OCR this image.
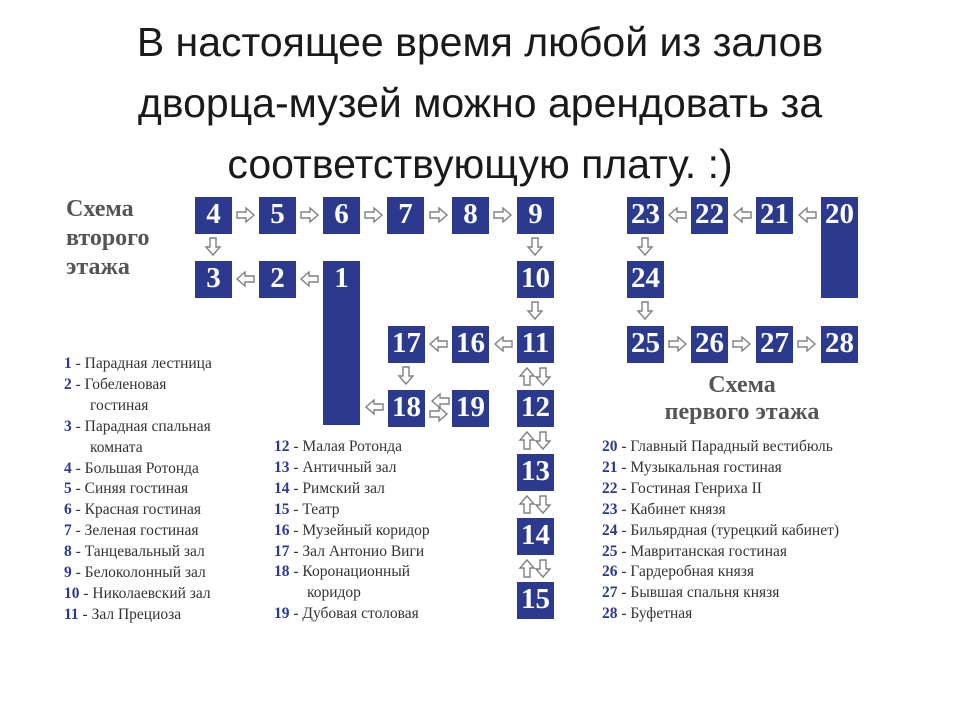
В настоящее время любой из залов
дворца-музей можно арендовать за
соответствующую плату. :)
Схема
второго
этажа
Схема
первого этажа
4	5	6	7	8	9
3	2	1	10
17 16 11
18 19 12
13
14
15
23 22 21 20
24
25 26 27 28
1 - Парадная лестница
2 - Гобеленовая
гостиная
3 - Парадная спальная
комната
4 - Большая Ротонда
5 - Синяя гостиная
6 - Красная гостиная
7 - Зеленая гостиная
8 - Танцевальный зал
9 - Белоколонный зал
10 - Николаевский зал
11 - Зал Прециоза
12 - Малая Ротонда
13 - Античный зал
14 - Римский зал
15 - Театр
16 - Музейный коридор
17 - Зал Антонио Виги
18 - Коронационный
коридор
19 - Дубовая столовая
20 - Главный Парадный вестибюль
21 - Музыкальная гостиная
22 - Гостиная Генриха II
23 - Кабинет князя
24 - Бильярдная (турецкий кабинет)
25 - Мавританская гостиная
26 - Гардеробная князя
27 - Бывшая спальня князя
28 - Буфетная
